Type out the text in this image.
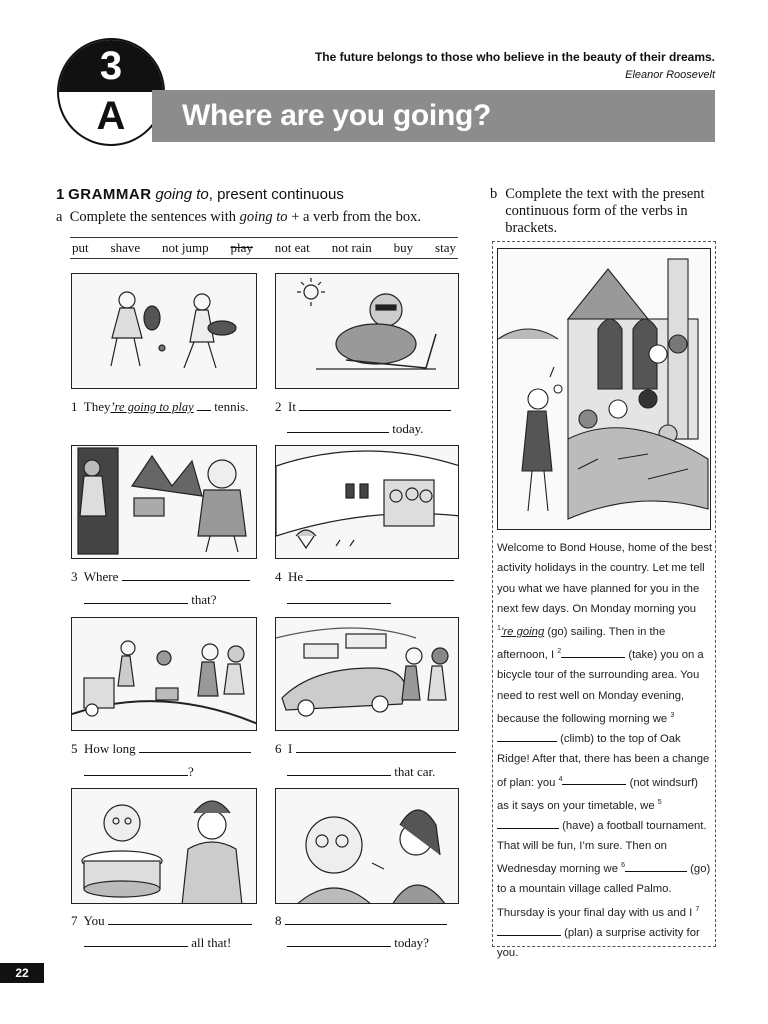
3
A	Where are you going?
The future belongs to those who believe in the beauty of their dreams.
Eleanor Roosevelt
1 GRAMMAR going to, present continuous
a Complete the sentences with going to + a verb from the box.
b Complete the text with the present continuous form of the verbs in brackets.
put shave not jump play not eat not rain buy stay
1 They’re going to play tennis. 2 It
today.
3 Where
that?
4 He
5 How long
?
6 I
that car.
7 You
all that!
8
today?
Welcome to Bond House, home of the best activity holidays in the country. Let me tell you what we have planned for you in the next few days. On Monday morning you $^1$’re going (go) sailing. Then in the afternoon, I $^2$	(take) you on a bicycle tour of the surrounding area. You need to rest well on Monday evening, because the following morning we $^3$ (climb) to the top of Oak Ridge! After that, there has been a change of plan: you $^4$	(not windsurf) as it says on your timetable, we $^5$ (have) a football tournament. That will be fun, I’m sure. Then on Wednesday morning we $^6$	(go) to a mountain village called Palmo. Thursday is your final day with us and I $^7$ (plan) a surprise activity for you.
22
